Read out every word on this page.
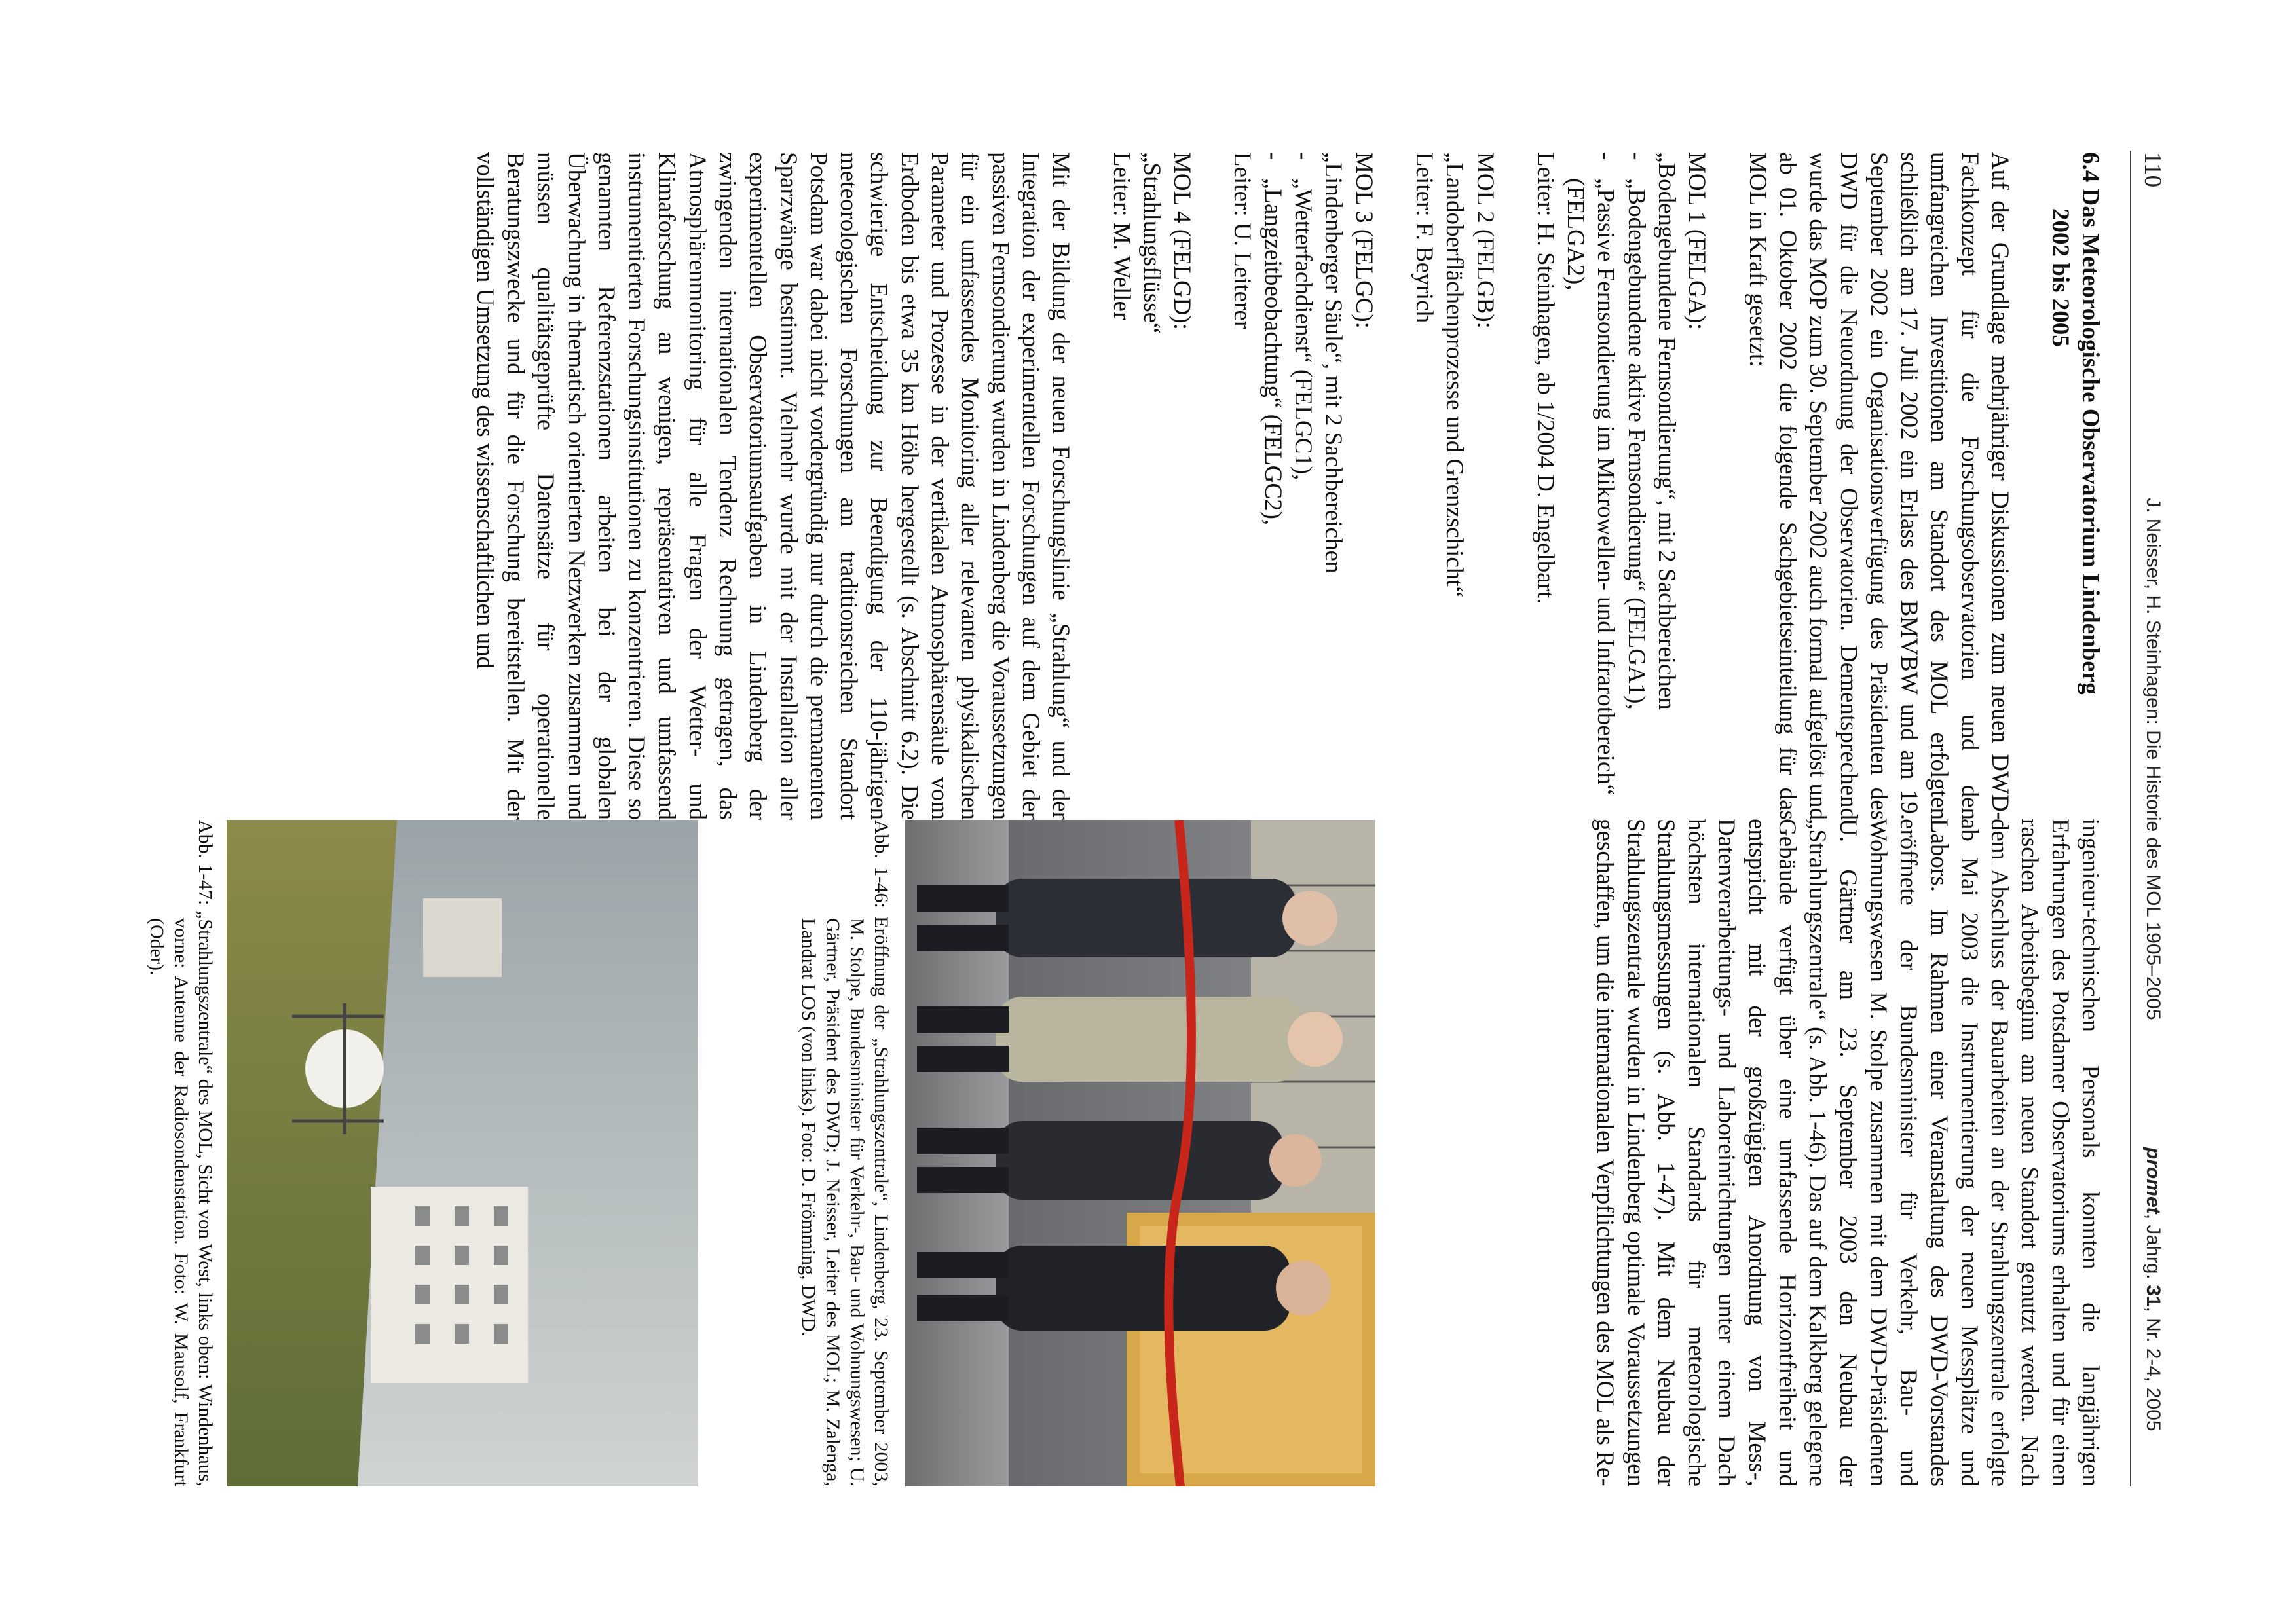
110
J. Neisser, H. Steinhagen: Die Historie des MOL 1905–2005
promet, Jahrg. 31, Nr. 2-4, 2005
6.4 Das Meteorologische Observatorium Lindenberg
2002 bis 2005

Auf der Grundlage mehrjähriger Diskussionen zum neuen DWD-Fachkonzept für die Forschungsobservatorien und den umfangreichen Investitionen am Standort des MOL erfolgten schließlich am 17. Juli 2002 ein Erlass des BMVBW und am 19. September 2002 ein Organisationsverfügung des Präsidenten des DWD für die Neuordnung der Observatorien. Dementsprechend wurde das MOP zum 30. September 2002 auch formal aufgelöst und ab 01. Oktober 2002 die folgende Sachgebietseinteilung für das MOL in Kraft gesetzt:

MOL 1 (FELGA):
„Bodengebundene Fernsondierung“, mit 2 Sachbereichen
- „Bodengebundene aktive Fernsondierung“ (FELGA1),
- „Passive Fernsondierung im Mikrowellen- und Infrarotbereich“ (FELGA2),
Leiter: H. Steinhagen, ab 1/2004 D. Engelbart.
MOL 2 (FELGB):
„Landoberflächenprozesse und Grenzschicht“
Leiter: F. Beyrich
MOL 3 (FELGC):
„Lindenberger Säule“, mit 2 Sachbereichen
- „Wetterfachdienst“ (FELGC1),
- „Langzeitbeobachtung“ (FELGC2),
Leiter: U. Leiterer
MOL 4 (FELGD):
„Strahlungsflüsse“
Leiter: M. Weller

Mit der Bildung der neuen Forschungslinie „Strahlung“ und der Integration der experimentellen Forschungen auf dem Gebiet der passiven Fernsondierung wurden in Lindenberg die Voraussetzungen für ein umfassendes Monitoring aller relevanten physikalischen Parameter und Prozesse in der vertikalen Atmosphärensäule vom Erdboden bis etwa 35 km Höhe hergestellt (s. Abschnitt 6.2). Die schwierige Entscheidung zur Beendigung der 110-jährigen meteorologischen Forschungen am traditionsreichen Standort Potsdam war dabei nicht vordergründig nur durch die permanenten Sparzwänge bestimmt. Vielmehr wurde mit der Installation aller experimentellen Observatoriumsaufgaben in Lindenberg der zwingenden internationalen Tendenz Rechnung getragen, das Atmosphärenmonitoring für alle Fragen der Wetter- und Klimaforschung an wenigen, repräsentativen und umfassend instrumentierten Forschungsinstitutionen zu konzentrieren. Diese so genannten Referenzstationen arbeiten bei der globalen Überwachung in thematisch orientierten Netzwerken zusammen und müssen qualitätsgeprüfte Datensätze für operationelle Beratungszwecke und für die Forschung bereitstellen. Mit der vollständigen Umsetzung des wissenschaftlichen und

ingenieur-technischen Personals konnten die langjährigen Erfahrungen des Potsdamer Observatoriums erhalten und für einen raschen Arbeitsbeginn am neuen Standort genutzt werden. Nach dem Abschluss der Bauarbeiten an der Strahlungszentrale erfolgte ab Mai 2003 die Instrumentierung der neuen Messplätze und Labors. Im Rahmen einer Veranstaltung des DWD-Vorstandes eröffnete der Bundesminister für Verkehr, Bau- und Wohnungswesen M. Stolpe zusammen mit dem DWD-Präsidenten U. Gärtner am 23. September 2003 den Neubau der „Strahlungszentrale“ (s. Abb. 1-46). Das auf dem Kalkberg gelegene Gebäude verfügt über eine umfassende Horizontfreiheit und entspricht mit der großzügigen Anordnung von Mess-, Datenverarbeitungs- und Laboreinrichtungen unter einem Dach höchsten internationalen Standards für meteorologische Strahlungsmessungen (s. Abb. 1-47). Mit dem Neubau der Strahlungszentrale wurden in Lindenberg optimale Voraussetzungen geschaffen, um die internationalen Verpflichtungen des MOL als Re-

Abb. 1-46: Eröffnung der „Strahlungszentrale“, Lindenberg, 23. September 2003, M. Stolpe, Bundesminister für Verkehr-, Bau- und Wohnungswesen; U. Gärtner, Präsident des DWD; J. Neisser, Leiter des MOL; M. Zalenga, Landrat LOS (von links). Foto: D. Frömming, DWD.
Abb. 1-47: „Strahlungszentrale“ des MOL, Sicht von West, links oben: Windenhaus, vorne: Antenne der Radiosondenstation. Foto: W. Mausolf, Frankfurt (Oder).
